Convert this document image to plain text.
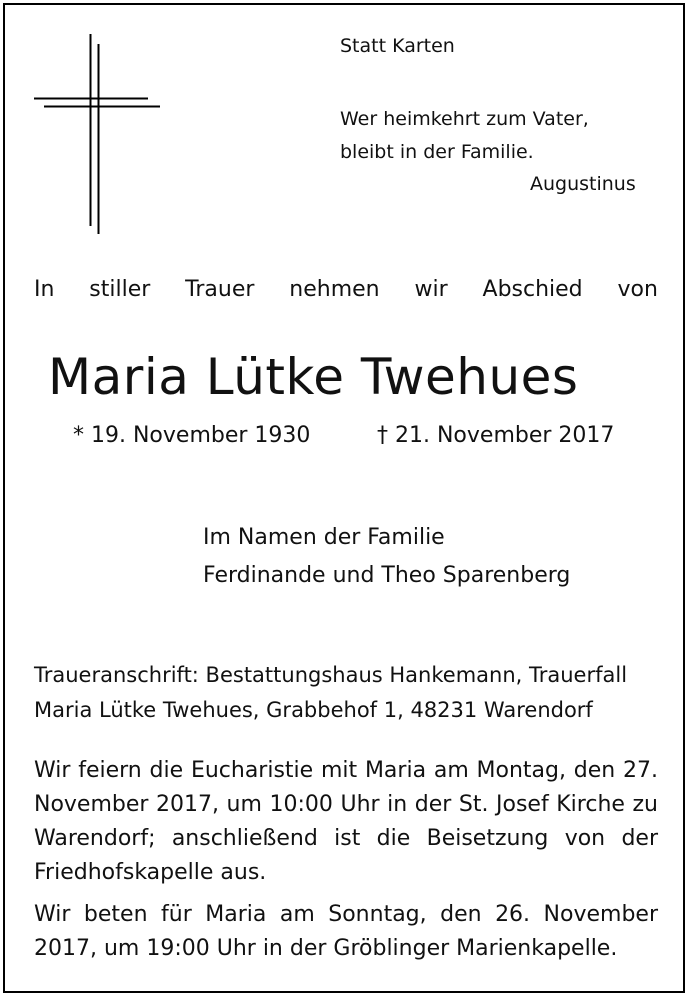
Statt Karten
Wer heimkehrt zum Vater,
bleibt in der Familie.
Augustinus
In stiller Trauer nehmen wir Abschied von
Maria Lütke Twehues
* 19. November 1930	† 21. November 2017
Im Namen der Familie
Ferdinande und Theo Sparenberg
Traueranschrift: Bestattungshaus Hankemann, Trauerfall
Maria Lütke Twehues, Grabbehof 1, 48231 Warendorf
Wir feiern die Eucharistie mit Maria am Montag, den 27. November 2017, um 10:00 Uhr in der St. Josef Kirche zu Warendorf; anschließend ist die Beisetzung von der Friedhofskapelle aus.
Wir beten für Maria am Sonntag, den 26. November 2017, um 19:00 Uhr in der Gröblinger Marienkapelle.
